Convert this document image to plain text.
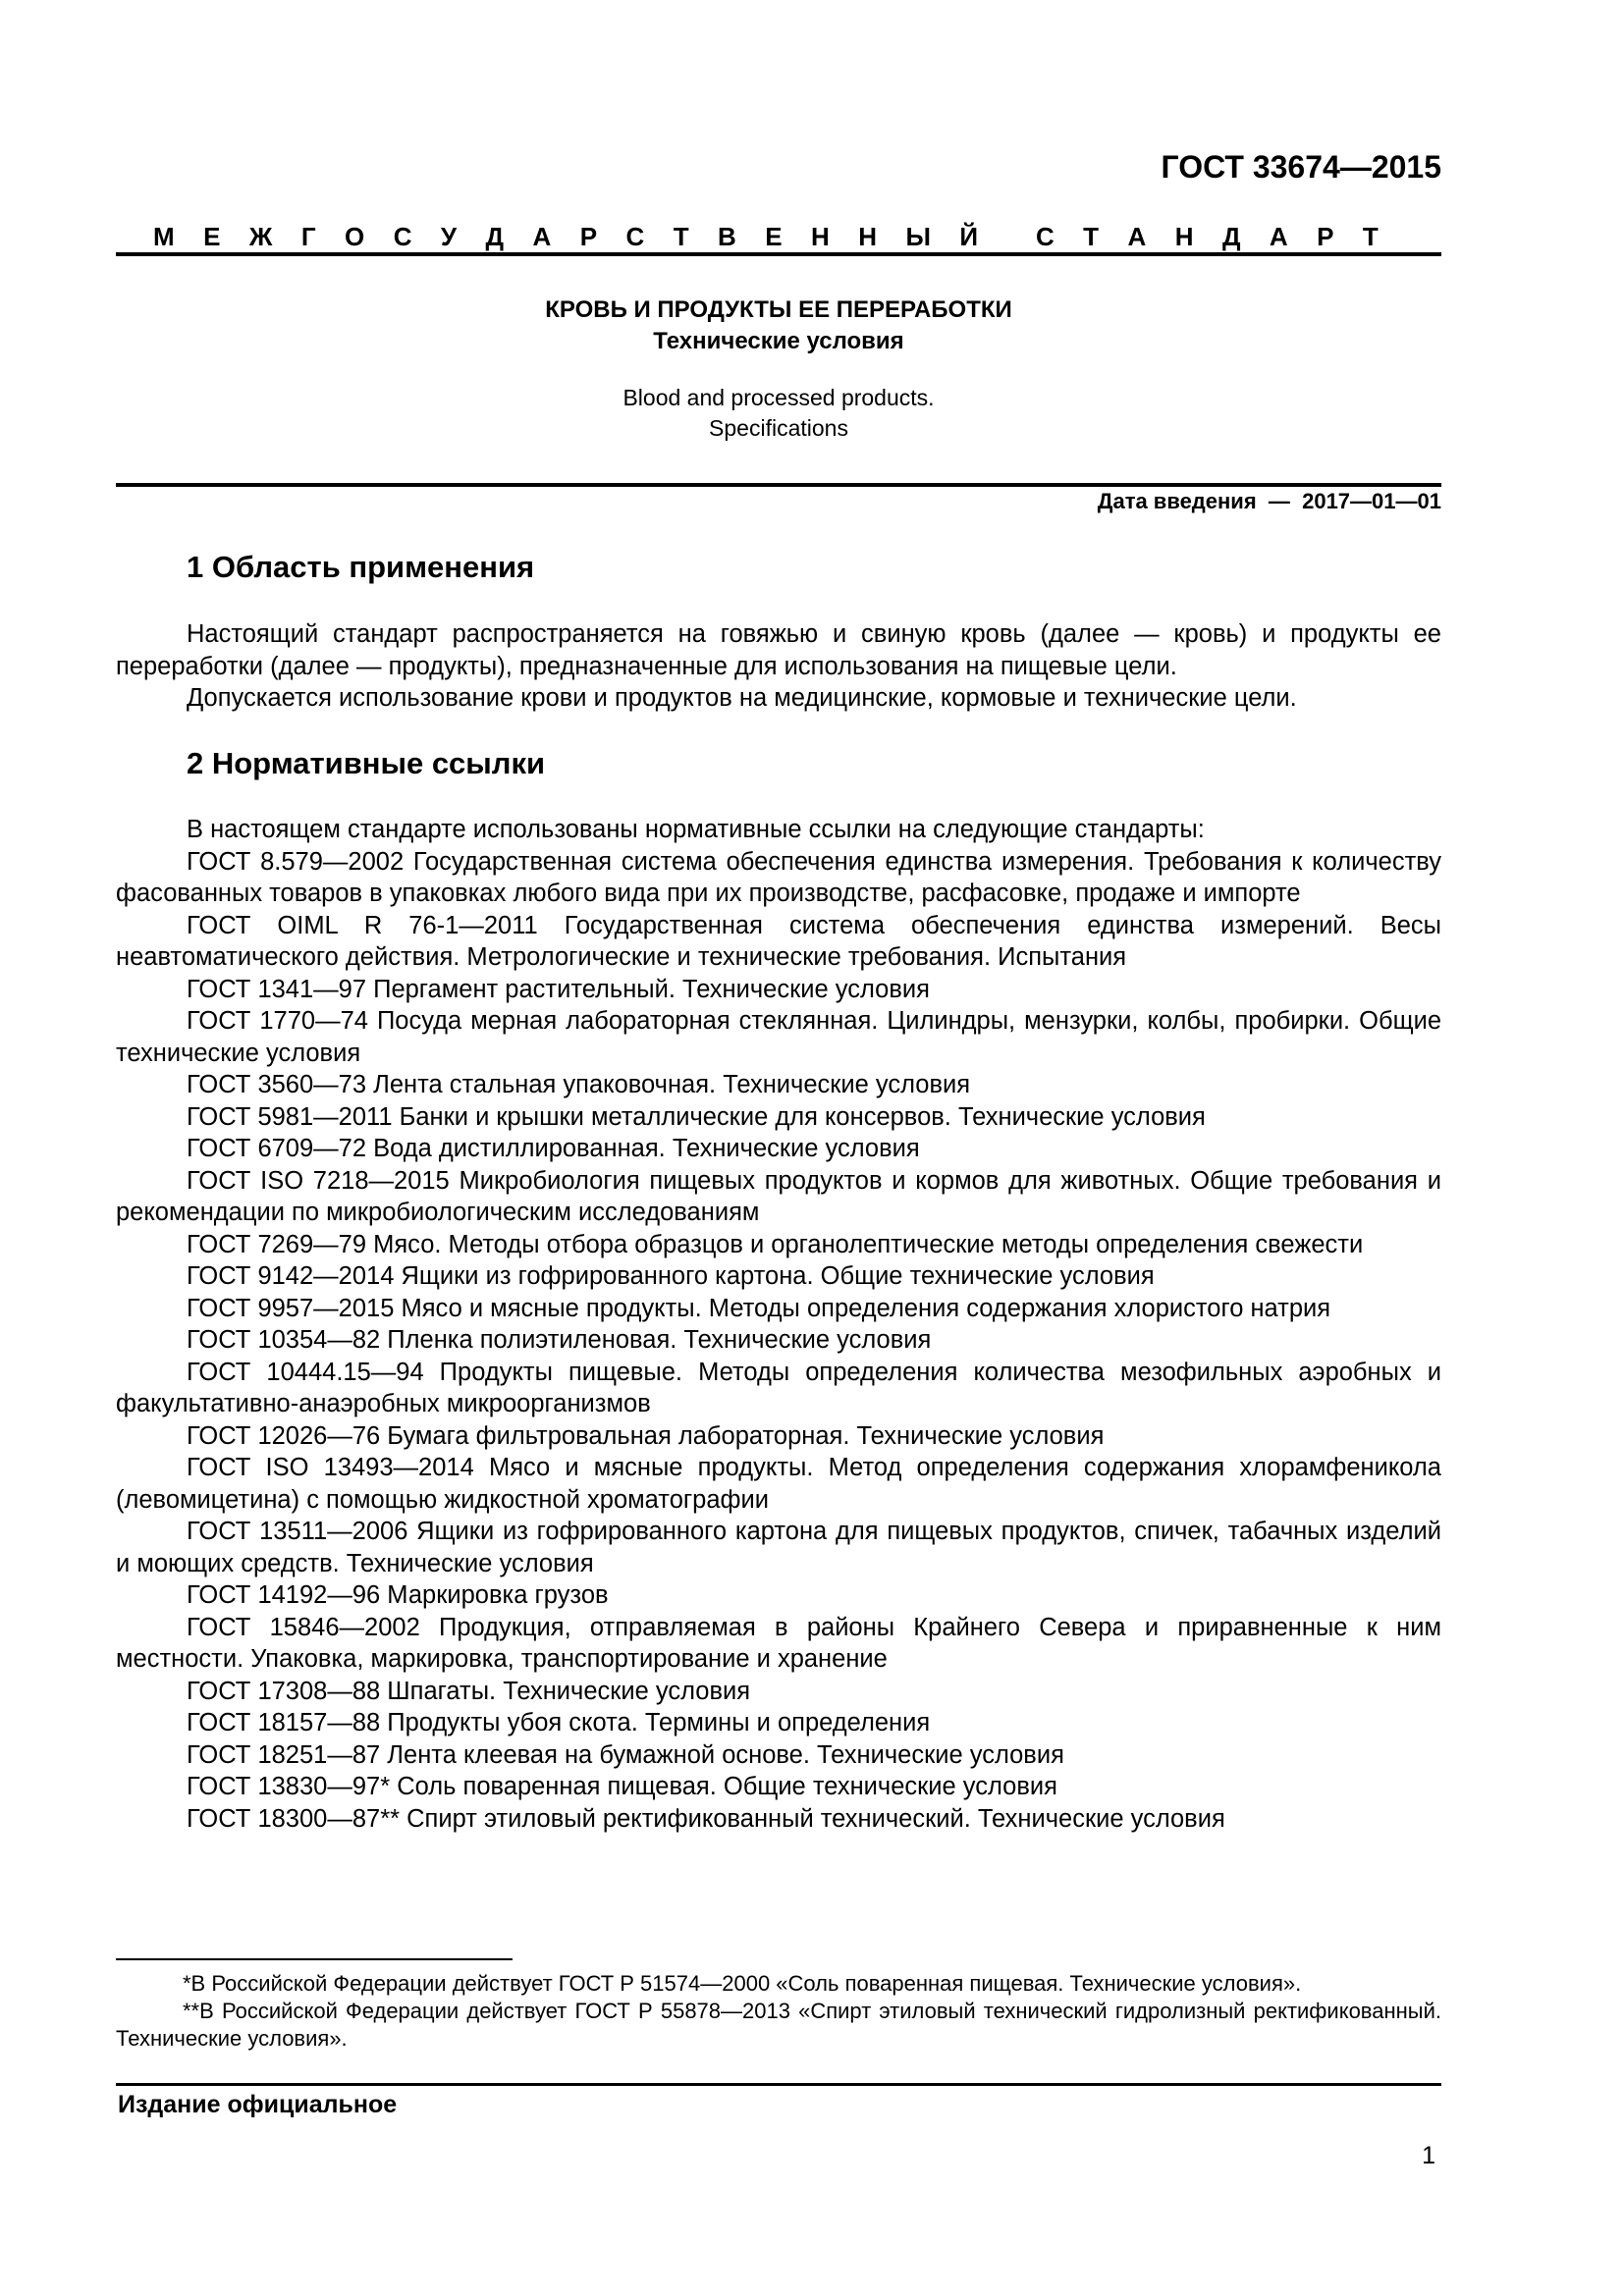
ГОСТ 33674—2015
М Е Ж Г О С У Д А Р С Т В Е Н Н Ы Й С Т А Н Д А Р Т
КРОВЬ И ПРОДУКТЫ ЕЕ ПЕРЕРАБОТКИ
Технические условия
Blood and processed products.
Specifications
Дата введения  —  2017—01—01
1 Область применения

Настоящий стандарт распространяется на говяжью и свиную кровь (далее — кровь) и продукты ее переработки (далее — продукты), предназначенные для использования на пищевые цели.

Допускается использование крови и продуктов на медицинские, кормовые и технические цели.

2 Нормативные ссылки

В настоящем стандарте использованы нормативные ссылки на следующие стандарты:

ГОСТ 8.579—2002 Государственная система обеспечения единства измерения. Требования к количеству фасованных товаров в упаковках любого вида при их производстве, расфасовке, продаже и импорте

ГОСТ OIML R 76-1—2011 Государственная система обеспечения единства измерений. Весы неавтоматического действия. Метрологические и технические требования. Испытания

ГОСТ 1341—97 Пергамент растительный. Технические условия

ГОСТ 1770—74 Посуда мерная лабораторная стеклянная. Цилиндры, мензурки, колбы, пробирки. Общие технические условия

ГОСТ 3560—73 Лента стальная упаковочная. Технические условия

ГОСТ 5981—2011 Банки и крышки металлические для консервов. Технические условия

ГОСТ 6709—72 Вода дистиллированная. Технические условия

ГОСТ ISO 7218—2015 Микробиология пищевых продуктов и кормов для животных. Общие требования и рекомендации по микробиологическим исследованиям

ГОСТ 7269—79 Мясо. Методы отбора образцов и органолептические методы определения свежести

ГОСТ 9142—2014 Ящики из гофрированного картона. Общие технические условия

ГОСТ 9957—2015 Мясо и мясные продукты. Методы определения содержания хлористого натрия

ГОСТ 10354—82 Пленка полиэтиленовая. Технические условия

ГОСТ 10444.15—94 Продукты пищевые. Методы определения количества мезофильных аэробных и факультативно-анаэробных микроорганизмов

ГОСТ 12026—76 Бумага фильтровальная лабораторная. Технические условия

ГОСТ ISO 13493—2014 Мясо и мясные продукты. Метод определения содержания хлорамфеникола (левомицетина) с помощью жидкостной хроматографии

ГОСТ 13511—2006 Ящики из гофрированного картона для пищевых продуктов, спичек, табачных изделий и моющих средств. Технические условия

ГОСТ 14192—96 Маркировка грузов

ГОСТ 15846—2002 Продукция, отправляемая в районы Крайнего Севера и приравненные к ним местности. Упаковка, маркировка, транспортирование и хранение

ГОСТ 17308—88 Шпагаты. Технические условия

ГОСТ 18157—88 Продукты убоя скота. Термины и определения

ГОСТ 18251—87 Лента клеевая на бумажной основе. Технические условия

ГОСТ 13830—97* Соль поваренная пищевая. Общие технические условия

ГОСТ 18300—87** Спирт этиловый ректификованный технический. Технические условия

*В Российской Федерации действует ГОСТ Р 51574—2000 «Соль поваренная пищевая. Технические условия».

**В Российской Федерации действует ГОСТ Р 55878—2013 «Спирт этиловый технический гидролизный ректификованный. Технические условия».

Издание официальное
1
